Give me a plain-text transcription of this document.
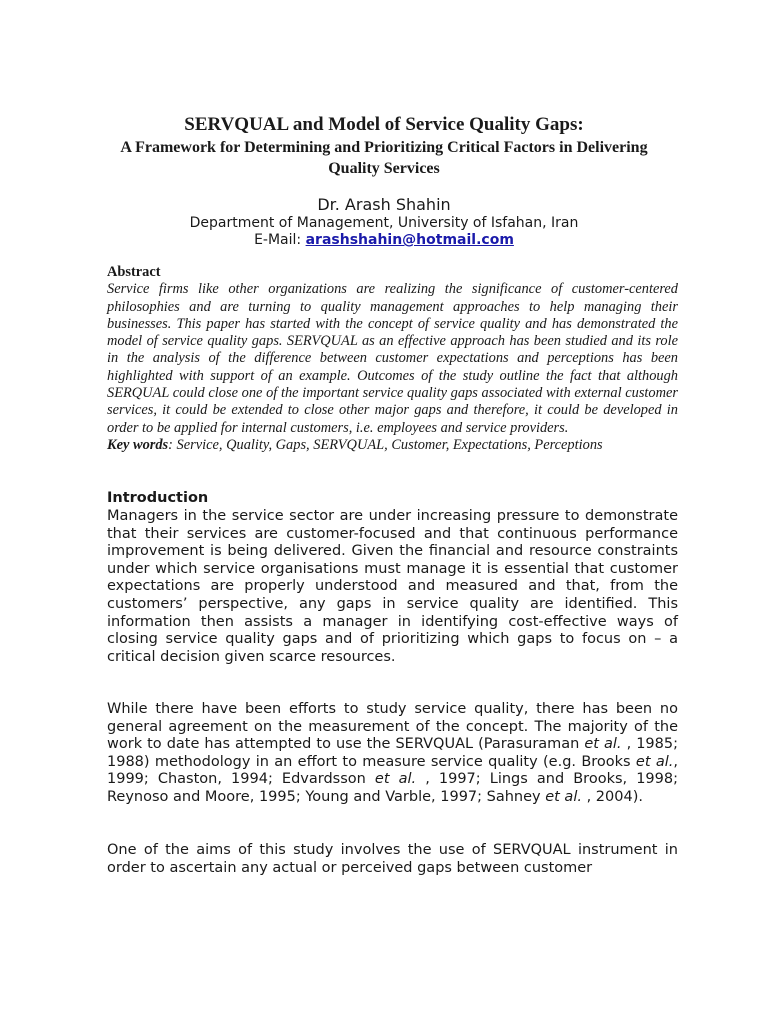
SERVQUAL and Model of Service Quality Gaps:
A Framework for Determining and Prioritizing Critical Factors in Delivering Quality Services
Dr. Arash Shahin
Department of Management, University of Isfahan, Iran
E-Mail: arashshahin@hotmail.com

Abstract

Service firms like other organizations are realizing the significance of customer-centered philosophies and are turning to quality management approaches to help managing their businesses. This paper has started with the concept of service quality and has demonstrated the model of service quality gaps. SERVQUAL as an effective approach has been studied and its role in the analysis of the difference between customer expectations and perceptions has been highlighted with support of an example. Outcomes of the study outline the fact that although SERQUAL could close one of the important service quality gaps associated with external customer services, it could be extended to close other major gaps and therefore, it could be developed in order to be applied for internal customers, i.e. employees and service providers.

Key words: Service, Quality, Gaps, SERVQUAL, Customer, Expectations, Perceptions

Introduction

Managers in the service sector are under increasing pressure to demonstrate that their services are customer-focused and that continuous performance improvement is being delivered. Given the financial and resource constraints under which service organisations must manage it is essential that customer expectations are properly understood and measured and that, from the customers’ perspective, any gaps in service quality are identified. This information then assists a manager in identifying cost-effective ways of closing service quality gaps and of prioritizing which gaps to focus on – a critical decision given scarce resources.

While there have been efforts to study service quality, there has been no general agreement on the measurement of the concept. The majority of the work to date has attempted to use the SERVQUAL (Parasuraman et al. , 1985; 1988) methodology in an effort to measure service quality (e.g. Brooks et al., 1999; Chaston, 1994; Edvardsson et al. , 1997; Lings and Brooks, 1998; Reynoso and Moore, 1995; Young and Varble, 1997; Sahney et al. , 2004).

One of the aims of this study involves the use of SERVQUAL instrument in order to ascertain any actual or perceived gaps between customer
